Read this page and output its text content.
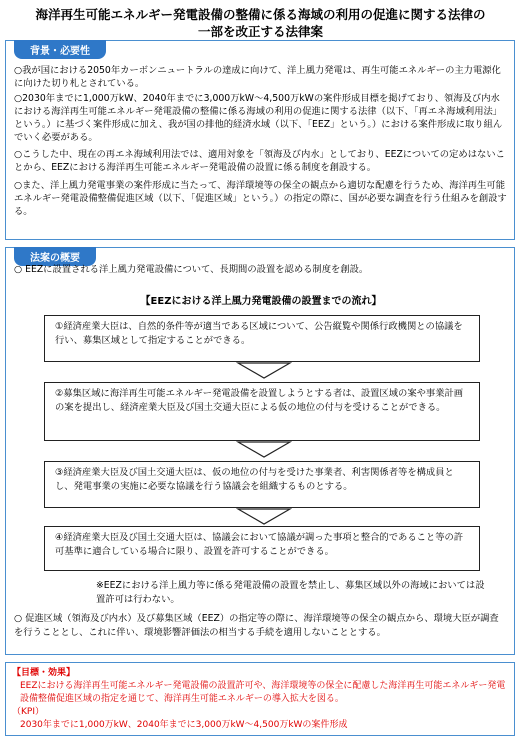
海洋再生可能エネルギー発電設備の整備に係る海域の利用の促進に関する法律の
一部を改正する法律案
背景・必要性
○我が国における2050年カーボンニュートラルの達成に向けて、洋上風力発電は、再生可能エネルギーの主力電源化に向けた切り札とされている。
○2030年までに1,000万kW、2040年までに3,000万kW～4,500万kWの案件形成目標を掲げており、領海及び内水における海洋再生可能エネルギー発電設備の整備に係る海域の利用の促進に関する法律（以下、「再エネ海域利用法」という。）に基づく案件形成に加え、我が国の排他的経済水域（以下、「EEZ」という。）における案件形成に取り組んでいく必要がある。
○こうした中、現在の再エネ海域利用法では、適用対象を「領海及び内水」としており、EEZについての定めはないことから、EEZにおける海洋再生可能エネルギー発電設備の設置に係る制度を創設する。
○また、洋上風力発電事業の案件形成に当たって、海洋環境等の保全の観点から適切な配慮を行うため、海洋再生可能エネルギー発電設備整備促進区域（以下、「促進区域」という。）の指定の際に、国が必要な調査を行う仕組みを創設する。
法案の概要
○ EEZに設置される洋上風力発電設備について、長期間の設置を認める制度を創設。
【EEZにおける洋上風力発電設備の設置までの流れ】
①経済産業大臣は、自然的条件等が適当である区域について、公告縦覧や関係行政機関との協議を行い、募集区域として指定することができる。
②募集区域に海洋再生可能エネルギー発電設備を設置しようとする者は、設置区域の案や事業計画の案を提出し、経済産業大臣及び国土交通大臣による仮の地位の付与を受けることができる。
③経済産業大臣及び国土交通大臣は、仮の地位の付与を受けた事業者、利害関係者等を構成員とし、発電事業の実施に必要な協議を行う協議会を組織するものとする。
④経済産業大臣及び国土交通大臣は、協議会において協議が調った事項と整合的であること等の許可基準に適合している場合に限り、設置を許可することができる。
※EEZにおける洋上風力等に係る発電設備の設置を禁止し、募集区域以外の海域においては設置許可は行わない。
○ 促進区域（領海及び内水）及び募集区域（EEZ）の指定等の際に、海洋環境等の保全の観点から、環境大臣が調査を行うこととし、これに伴い、環境影響評価法の相当する手続を適用しないこととする。
【目標・効果】
EEZにおける海洋再生可能エネルギー発電設備の設置許可や、海洋環境等の保全に配慮した海洋再生可能エネルギー発電設備整備促進区域の指定を通じて、海洋再生可能エネルギーの導入拡大を図る。
（KPI）
2030年までに1,000万kW、2040年までに3,000万kW～4,500万kWの案件形成
